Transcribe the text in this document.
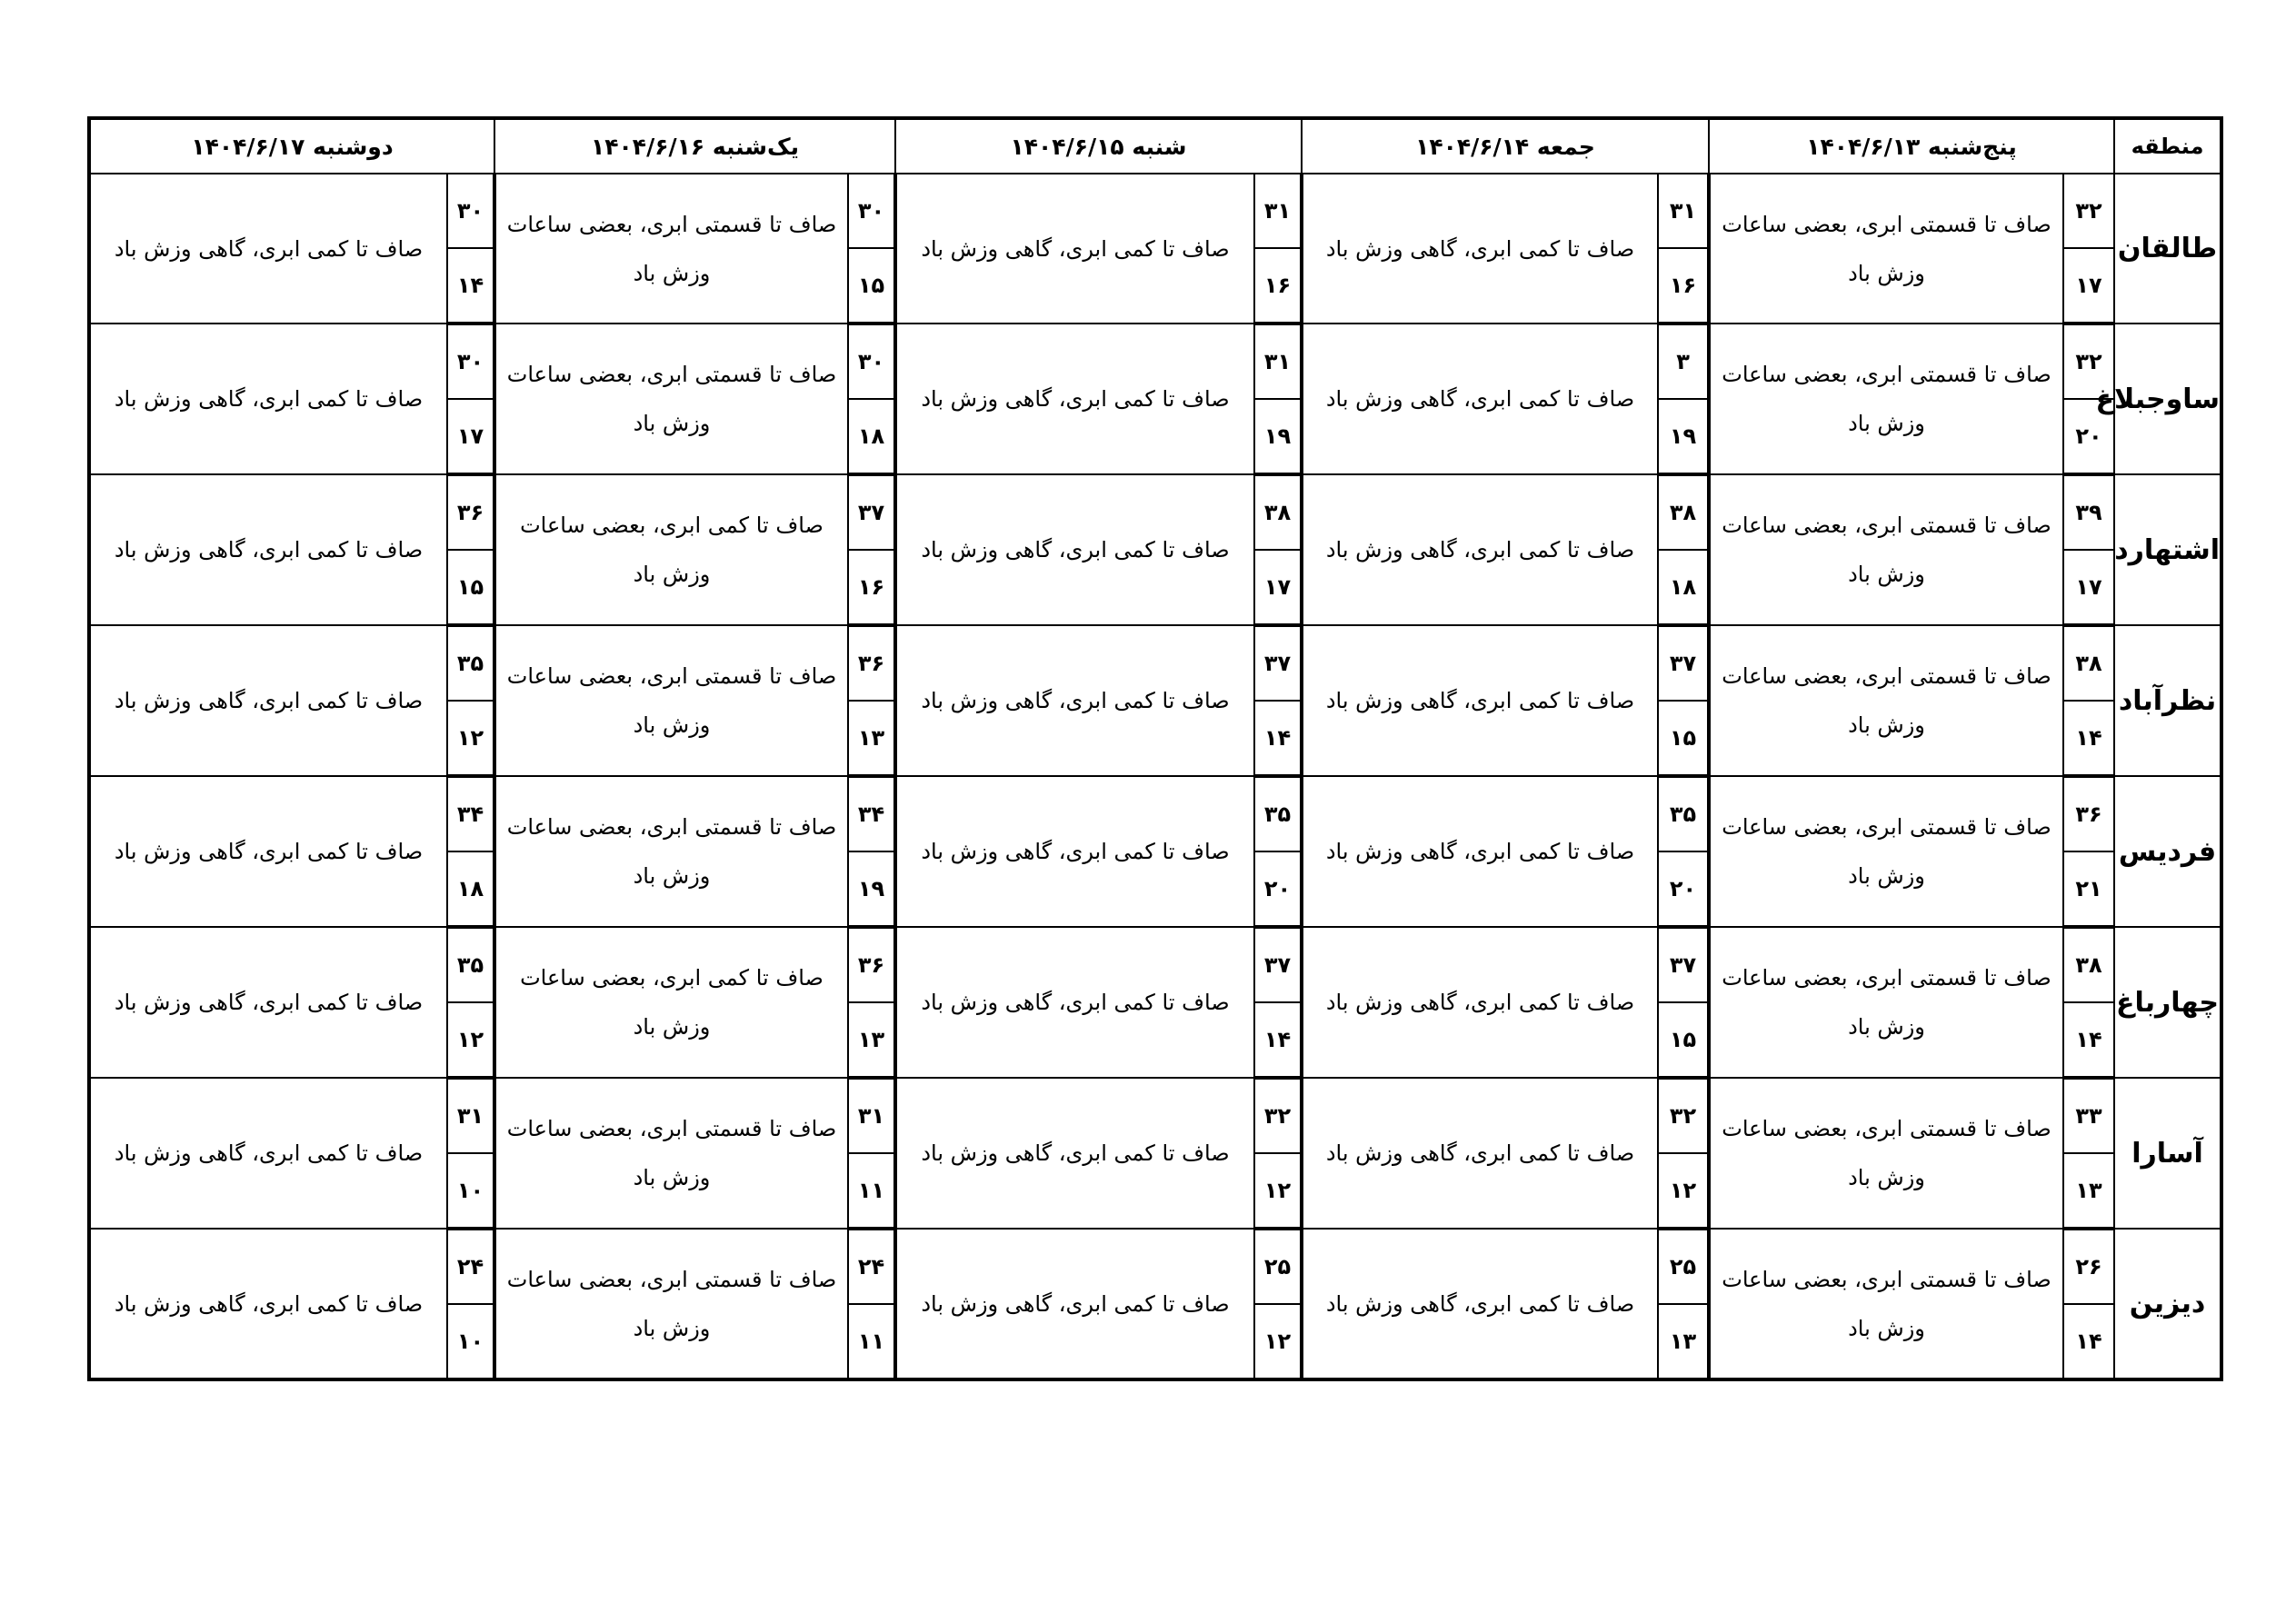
منطقه	پنج‌شنبه ۱۴۰۴/۶/۱۳		جمعه ۱۴۰۴/۶/۱۴		شنبه ۱۴۰۴/۶/۱۵		یک‌شنبه ۱۴۰۴/۶/۱۶		دوشنبه ۱۴۰۴/۶/۱۷	
طالقان	۳۲	صاف تا قسمتی ابری، بعضی ساعات وزش باد	۳۱	صاف تا کمی ابری، گاهی وزش باد	۳۱	صاف تا کمی ابری، گاهی وزش باد	۳۰	صاف تا قسمتی ابری، بعضی ساعات وزش باد	۳۰	صاف تا کمی ابری، گاهی وزش باد
	۱۷		۱۶		۱۶		۱۵		۱۴	
ساوجبلاغ	۳۲	صاف تا قسمتی ابری، بعضی ساعات وزش باد	۳	صاف تا کمی ابری، گاهی وزش باد	۳۱	صاف تا کمی ابری، گاهی وزش باد	۳۰	صاف تا قسمتی ابری، بعضی ساعات وزش باد	۳۰	صاف تا کمی ابری، گاهی وزش باد
	۲۰		۱۹		۱۹		۱۸		۱۷	
اشتهارد	۳۹	صاف تا قسمتی ابری، بعضی ساعات وزش باد	۳۸	صاف تا کمی ابری، گاهی وزش باد	۳۸	صاف تا کمی ابری، گاهی وزش باد	۳۷	صاف تا کمی ابری، بعضی ساعات وزش باد	۳۶	صاف تا کمی ابری، گاهی وزش باد
	۱۷		۱۸		۱۷		۱۶		۱۵	
نظرآباد	۳۸	صاف تا قسمتی ابری، بعضی ساعات وزش باد	۳۷	صاف تا کمی ابری، گاهی وزش باد	۳۷	صاف تا کمی ابری، گاهی وزش باد	۳۶	صاف تا قسمتی ابری، بعضی ساعات وزش باد	۳۵	صاف تا کمی ابری، گاهی وزش باد
	۱۴		۱۵		۱۴		۱۳		۱۲	
فردیس	۳۶	صاف تا قسمتی ابری، بعضی ساعات وزش باد	۳۵	صاف تا کمی ابری، گاهی وزش باد	۳۵	صاف تا کمی ابری، گاهی وزش باد	۳۴	صاف تا قسمتی ابری، بعضی ساعات وزش باد	۳۴	صاف تا کمی ابری، گاهی وزش باد
	۲۱		۲۰		۲۰		۱۹		۱۸	
چهارباغ	۳۸	صاف تا قسمتی ابری، بعضی ساعات وزش باد	۳۷	صاف تا کمی ابری، گاهی وزش باد	۳۷	صاف تا کمی ابری، گاهی وزش باد	۳۶	صاف تا کمی ابری، بعضی ساعات وزش باد	۳۵	صاف تا کمی ابری، گاهی وزش باد
	۱۴		۱۵		۱۴		۱۳		۱۲	
آسارا	۳۳	صاف تا قسمتی ابری، بعضی ساعات وزش باد	۳۲	صاف تا کمی ابری، گاهی وزش باد	۳۲	صاف تا کمی ابری، گاهی وزش باد	۳۱	صاف تا قسمتی ابری، بعضی ساعات وزش باد	۳۱	صاف تا کمی ابری، گاهی وزش باد
	۱۳		۱۲		۱۲		۱۱		۱۰	
دیزین	۲۶	صاف تا قسمتی ابری، بعضی ساعات وزش باد	۲۵	صاف تا کمی ابری، گاهی وزش باد	۲۵	صاف تا کمی ابری، گاهی وزش باد	۲۴	صاف تا قسمتی ابری، بعضی ساعات وزش باد	۲۴	صاف تا کمی ابری، گاهی وزش باد
	۱۴		۱۳		۱۲		۱۱		۱۰	
